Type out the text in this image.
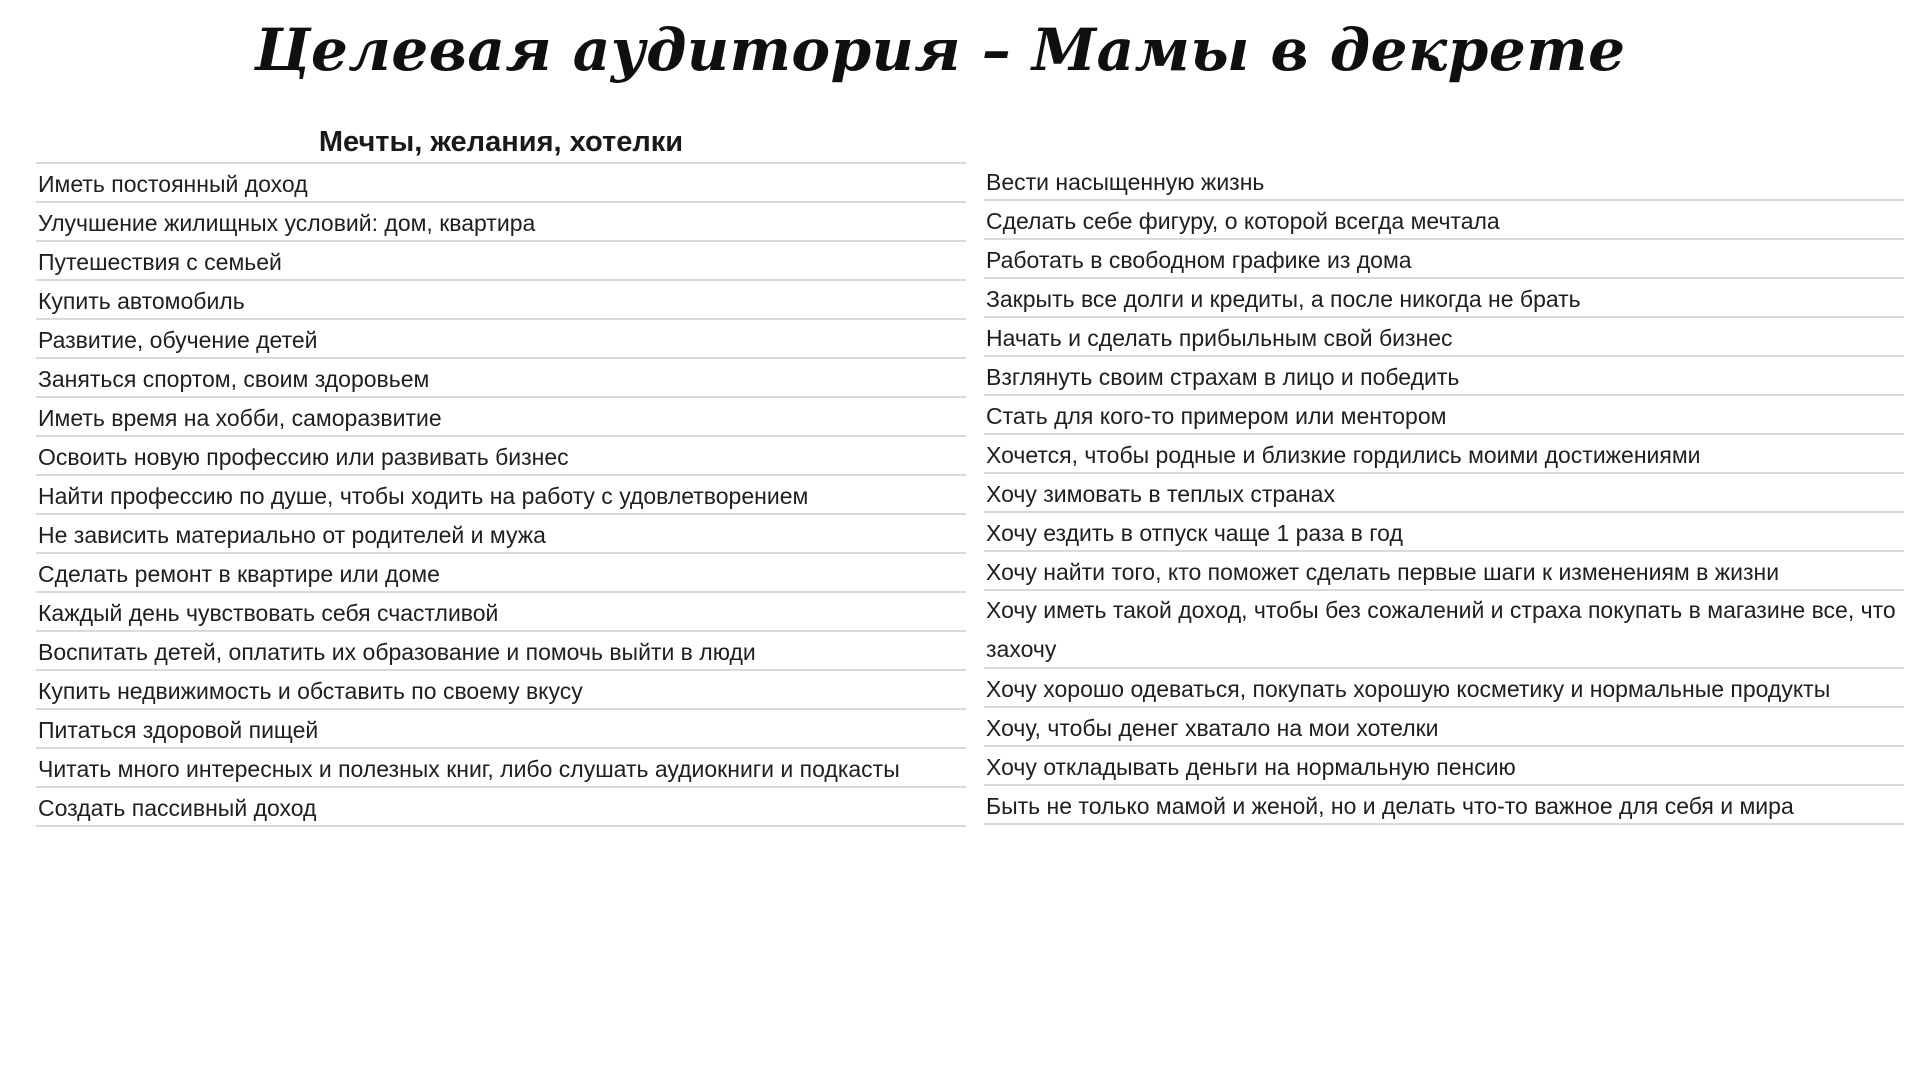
Целевая аудитория – Мамы в декрете
Мечты, желания, хотелки
Иметь постоянный доход
Улучшение жилищных условий: дом, квартира
Путешествия с семьей
Купить автомобиль
Развитие, обучение детей
Заняться спортом, своим здоровьем
Иметь время на хобби, саморазвитие
Освоить новую профессию или развивать бизнес
Найти профессию по душе, чтобы ходить на работу с удовлетворением
Не зависить материально от родителей и мужа
Сделать ремонт в квартире или доме
Каждый день чувствовать себя счастливой
Воспитать детей, оплатить их образование и помочь выйти в люди
Купить недвижимость и обставить по своему вкусу
Питаться здоровой пищей
Читать много интересных и полезных книг, либо слушать аудиокниги и подкасты
Создать пассивный доход
Вести насыщенную жизнь
Сделать себе фигуру, о которой всегда мечтала
Работать в свободном графике из дома
Закрыть все долги и кредиты, а после никогда не брать
Начать и сделать прибыльным свой бизнес
Взглянуть своим страхам в лицо и победить
Стать для кого-то примером или ментором
Хочется, чтобы родные и близкие гордились моими достижениями
Хочу зимовать в теплых странах
Хочу ездить в отпуск чаще 1 раза в год
Хочу найти того, кто поможет сделать первые шаги к изменениям в жизни
Хочу иметь такой доход, чтобы без сожалений и страха покупать в магазине все, что захочу
Хочу хорошо одеваться, покупать хорошую косметику и нормальные продукты
Хочу, чтобы денег хватало на мои хотелки
Хочу откладывать деньги на нормальную пенсию
Быть не только мамой и женой, но и делать что-то важное для себя и мира
